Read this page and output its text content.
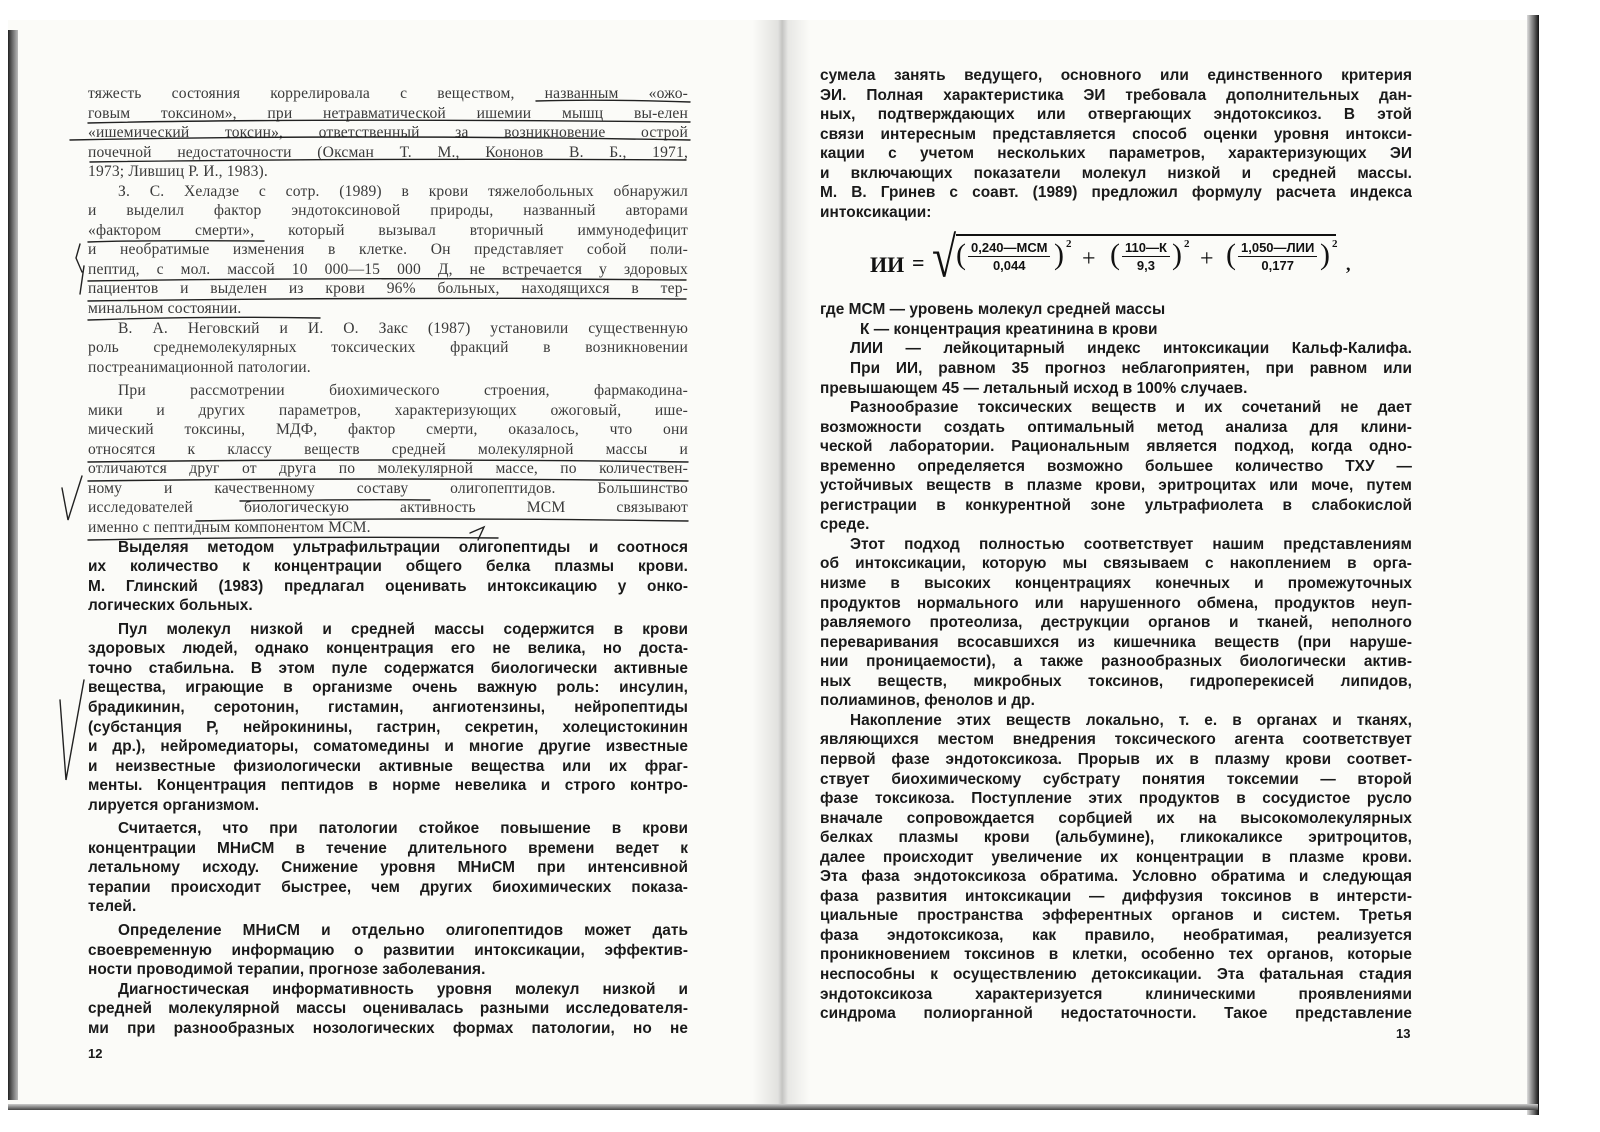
тяжесть состояния коррелировала с веществом, названным «ожо-
говым токсином», при нетравматической ишемии мышц вы-елен
«ишемический токсин», ответственный за возникновение острой
почечной недостаточности (Оксман Т. М., Кононов В. Б., 1971,
1973; Лившиц Р. И., 1983).
З. С. Хеладзе с сотр. (1989) в крови тяжелобольных обнаружил
и выделил фактор эндотоксиновой природы, названный авторами
«фактором смерти», который вызывал вторичный иммунодефицит
и необратимые изменения в клетке. Он представляет собой поли-
пептид, с мол. массой 10 000—15 000 Д, не встречается у здоровых
пациентов и выделен из крови 96% больных, находящихся в тер-
минальном состоянии.
В. А. Неговский и И. О. Закс (1987) установили существенную
роль среднемолекулярных токсических фракций в возникновении
постреанимационной патологии.
При рассмотрении биохимического строения, фармакодина-
мики и других параметров, характеризующих ожоговый, ише-
мический токсины, МДФ, фактор смерти, оказалось, что они
относятся к классу веществ средней молекулярной массы и
отличаются друг от друга по молекулярной массе, по количествен-
ному и качественному составу олигопептидов. Большинство
исследователей биологическую активность МСМ связывают
именно с пептидным компонентом МСМ.
Выделяя методом ультрафильтрации олигопептиды и соотнося
их количество к концентрации общего белка плазмы крови.
М. Глинский (1983) предлагал оценивать интоксикацию у онко-
логических больных.
Пул молекул низкой и средней массы содержится в крови
здоровых людей, однако концентрация его не велика, но доста-
точно стабильна. В этом пуле содержатся биологически активные
вещества, играющие в организме очень важную роль: инсулин,
брадикинин, серотонин, гистамин, ангиотензины, нейропептиды
(субстанция Р, нейрокинины, гастрин, секретин, холецистокинин
и др.), нейромедиаторы, соматомедины и многие другие известные
и неизвестные физиологически активные вещества или их фраг-
менты. Концентрация пептидов в норме невелика и строго контро-
лируется организмом.
Считается, что при патологии стойкое повышение в крови
концентрации МНиСМ в течение длительного времени ведет к
летальному исходу. Снижение уровня МНиСМ при интенсивной
терапии происходит быстрее, чем других биохимических показа-
телей.
Определение МНиСМ и отдельно олигопептидов может дать
своевременную информацию о развитии интоксикации, эффектив-
ности проводимой терапии, прогнозе заболевания.
Диагностическая информативность уровня молекул низкой и
средней молекулярной массы оценивалась разными исследователя-
ми при разнообразных нозологических формах патологии, но не
сумела занять ведущего, основного или единственного критерия
ЭИ. Полная характеристика ЭИ требовала дополнительных дан-
ных, подтверждающих или отвергающих эндотоксикоз. В этой
связи интересным представляется способ оценки уровня интокси-
кации с учетом нескольких параметров, характеризующих ЭИ
и включающих показатели молекул низкой и средней массы.
М. В. Гринев с соавт. (1989) предложил формулу расчета индекса
интоксикации:
ИИ = √ ( 0,240—МСМ
0,044 ) 2
+ ( 110—К
9,3 ) 2
+ ( 1,050—ЛИИ
0,177 ) 2
,
где МСМ — уровень молекул средней массы
К — концентрация креатинина в крови
ЛИИ — лейкоцитарный индекс интоксикации Кальф-Калифа.
При ИИ, равном 35 прогноз неблагоприятен, при равном или
превышающем 45 — летальный исход в 100% случаев.
Разнообразие токсических веществ и их сочетаний не дает
возможности создать оптимальный метод анализа для клини-
ческой лаборатории. Рациональным является подход, когда одно-
временно определяется возможно большее количество ТХУ —
устойчивых веществ в плазме крови, эритроцитах или моче, путем
регистрации в конкурентной зоне ультрафиолета в слабокислой
среде.
Этот подход полностью соответствует нашим представлениям
об интоксикации, которую мы связываем с накоплением в орга-
низме в высоких концентрациях конечных и промежуточных
продуктов нормального или нарушенного обмена, продуктов неуп-
равляемого протеолиза, деструкции органов и тканей, неполного
переваривания всосавшихся из кишечника веществ (при наруше-
нии проницаемости), а также разнообразных биологически актив-
ных веществ, микробных токсинов, гидроперекисей липидов,
полиаминов, фенолов и др.
Накопление этих веществ локально, т. е. в органах и тканях,
являющихся местом внедрения токсического агента соответствует
первой фазе эндотоксикоза. Прорыв их в плазму крови соответ-
ствует биохимическому субстрату понятия токсемии — второй
фазе токсикоза. Поступление этих продуктов в сосудистое русло
вначале сопровождается сорбцией их на высокомолекулярных
белках плазмы крови (альбумине), гликокаликсе эритроцитов,
далее происходит увеличение их концентрации в плазме крови.
Эта фаза эндотоксикоза обратима. Условно обратима и следующая
фаза развития интоксикации — диффузия токсинов в интерсти-
циальные пространства эфферентных органов и систем. Третья
фаза эндотоксикоза, как правило, необратимая, реализуется
проникновением токсинов в клетки, особенно тех органов, которые
неспособны к осуществлению детоксикации. Эта фатальная стадия
эндотоксикоза характеризуется клиническими проявлениями
синдрома полиорганной недостаточности. Такое представление
12
13
